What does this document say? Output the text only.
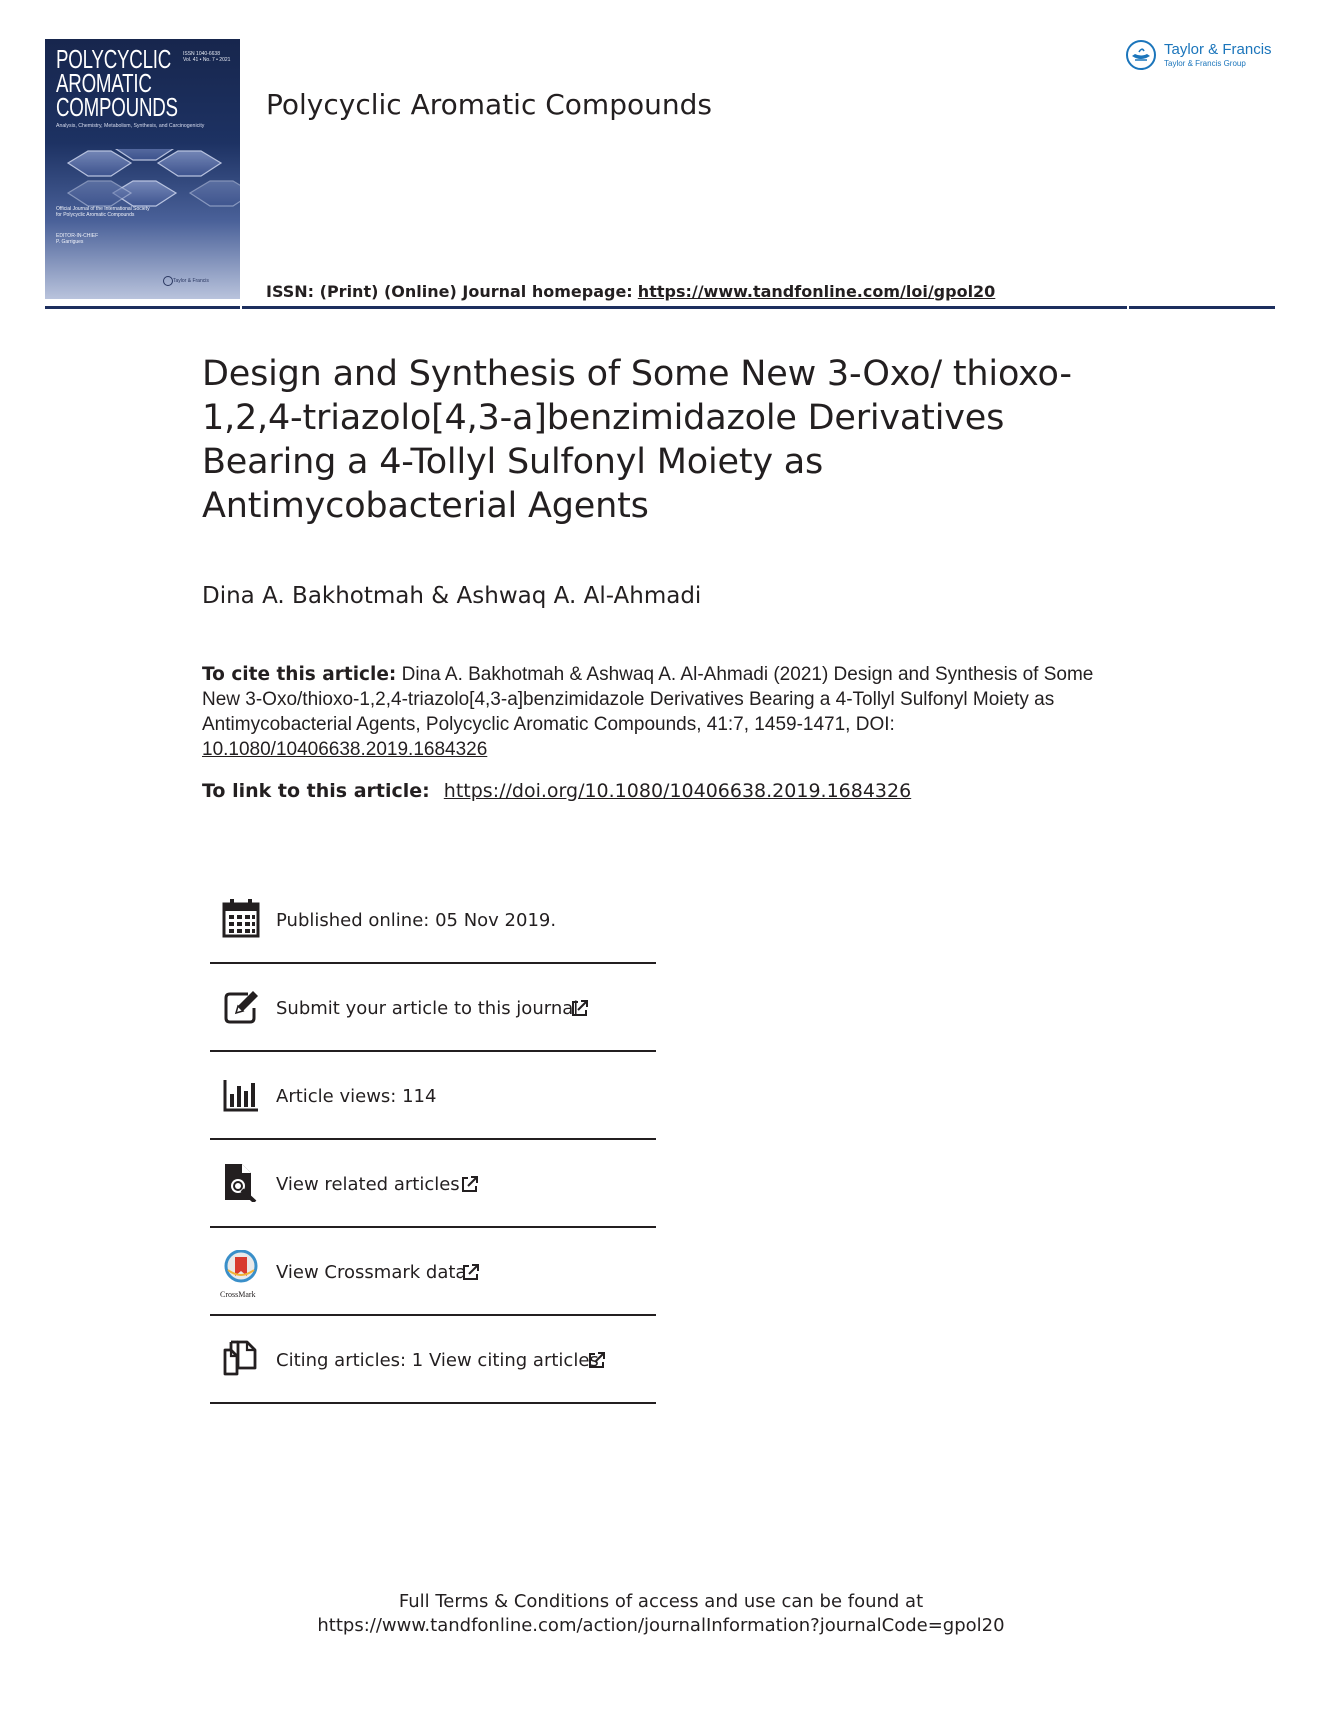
POLYCYCLIC
AROMATIC
COMPOUNDS
ISSN 1040-6638
Vol. 41 • No. 7 • 2021
Analysis, Chemistry, Metabolism, Synthesis, and Carcinogenicity
Official Journal of the International Society for Polycyclic Aromatic Compounds
EDITOR-IN-CHIEF
P. Garrigues
Taylor & Francis
Polycyclic Aromatic Compounds
Taylor & Francis
Taylor & Francis Group
ISSN: (Print) (Online) Journal homepage: https://www.tandfonline.com/loi/gpol20
Design and Synthesis of Some New 3-Oxo/ thioxo-1,2,4-triazolo[4,3-a]benzimidazole Derivatives Bearing a 4-Tollyl Sulfonyl Moiety as Antimycobacterial Agents
Dina A. Bakhotmah & Ashwaq A. Al-Ahmadi
To cite this article: Dina A. Bakhotmah & Ashwaq A. Al-Ahmadi (2021) Design and Synthesis of Some New 3-Oxo/thioxo-1,2,4-triazolo[4,3-a]benzimidazole Derivatives Bearing a 4-Tollyl Sulfonyl Moiety as Antimycobacterial Agents, Polycyclic Aromatic Compounds, 41:7, 1459-1471, DOI: 10.1080/10406638.2019.1684326
To link to this article: https://doi.org/10.1080/10406638.2019.1684326
Published online: 05 Nov 2019.
Submit your article to this journal
Article views: 114
View related articles
CrossMark
View Crossmark data
Citing articles: 1 View citing articles
Full Terms & Conditions of access and use can be found at
https://www.tandfonline.com/action/journalInformation?journalCode=gpol20
